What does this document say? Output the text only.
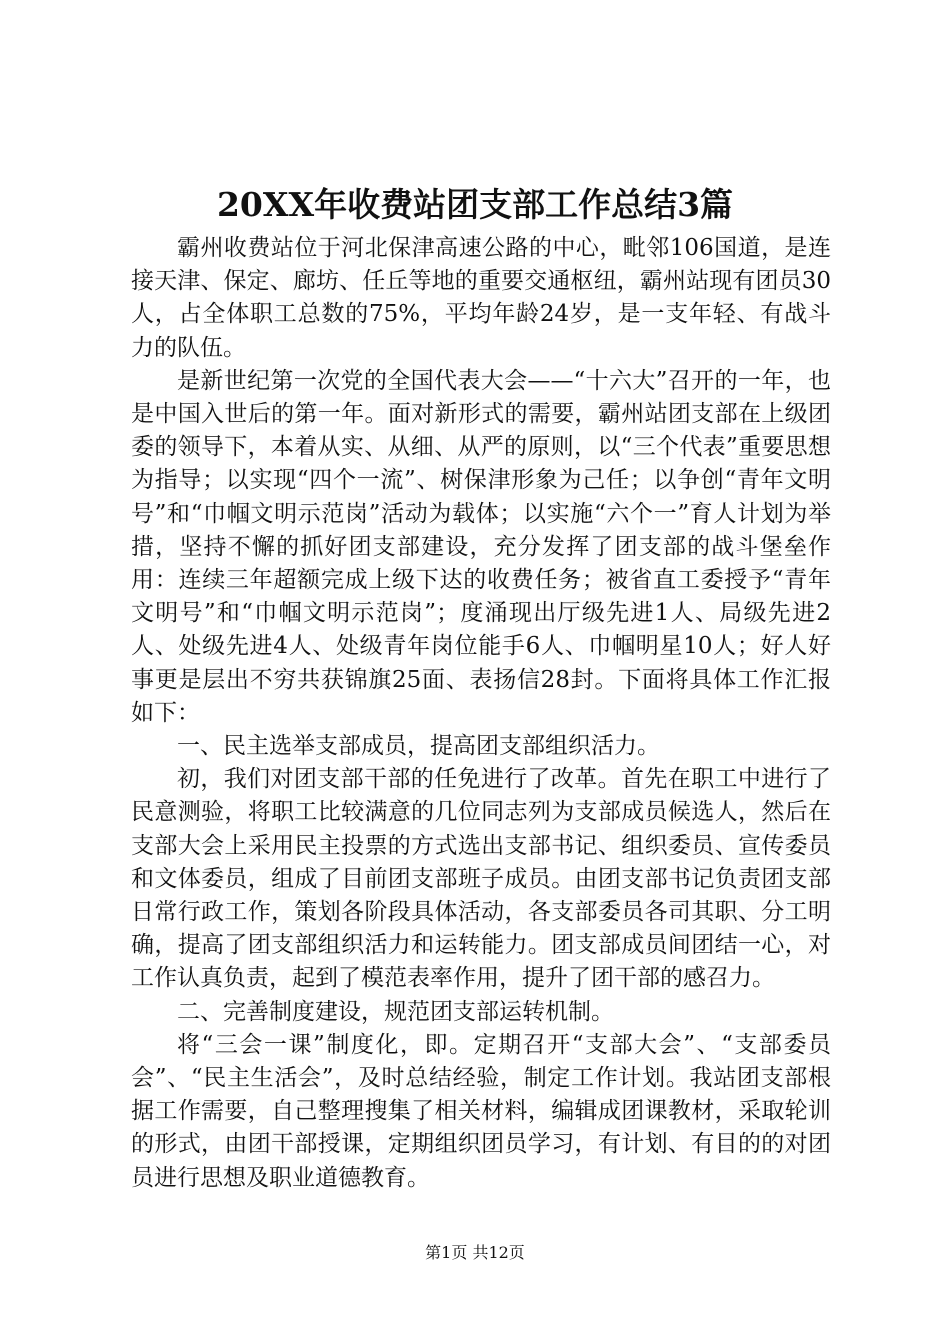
20XX年收费站团支部工作总结3篇

霸州收费站位于河北保津高速公路的中心，毗邻106国道，是连接天津、保定、廊坊、任丘等地的重要交通枢纽，霸州站现有团员30人，占全体职工总数的75%，平均年龄24岁，是一支年轻、有战斗力的队伍。

是新世纪第一次党的全国代表大会——“十六大”召开的一年，也是中国入世后的第一年。面对新形式的需要，霸州站团支部在上级团委的领导下，本着从实、从细、从严的原则，以“三个代表”重要思想为指导；以实现“四个一流”、树保津形象为己任；以争创“青年文明号”和“巾帼文明示范岗”活动为载体；以实施“六个一”育人计划为举措，坚持不懈的抓好团支部建设，充分发挥了团支部的战斗堡垒作用：连续三年超额完成上级下达的收费任务；被省直工委授予“青年文明号”和“巾帼文明示范岗”；度涌现出厅级先进1人、局级先进2人、处级先进4人、处级青年岗位能手6人、巾帼明星10人；好人好事更是层出不穷共获锦旗25面、表扬信28封。下面将具体工作汇报如下：

一、民主选举支部成员，提高团支部组织活力。

初，我们对团支部干部的任免进行了改革。首先在职工中进行了民意测验，将职工比较满意的几位同志列为支部成员候选人，然后在支部大会上采用民主投票的方式选出支部书记、组织委员、宣传委员和文体委员，组成了目前团支部班子成员。由团支部书记负责团支部日常行政工作，策划各阶段具体活动，各支部委员各司其职、分工明确，提高了团支部组织活力和运转能力。团支部成员间团结一心，对工作认真负责，起到了模范表率作用，提升了团干部的感召力。

二、完善制度建设，规范团支部运转机制。

将“三会一课”制度化，即。定期召开“支部大会”、“支部委员会”、“民主生活会”，及时总结经验，制定工作计划。我站团支部根据工作需要，自己整理搜集了相关材料，编辑成团课教材，采取轮训的形式，由团干部授课，定期组织团员学习，有计划、有目的的对团员进行思想及职业道德教育。

第1页 共12页
